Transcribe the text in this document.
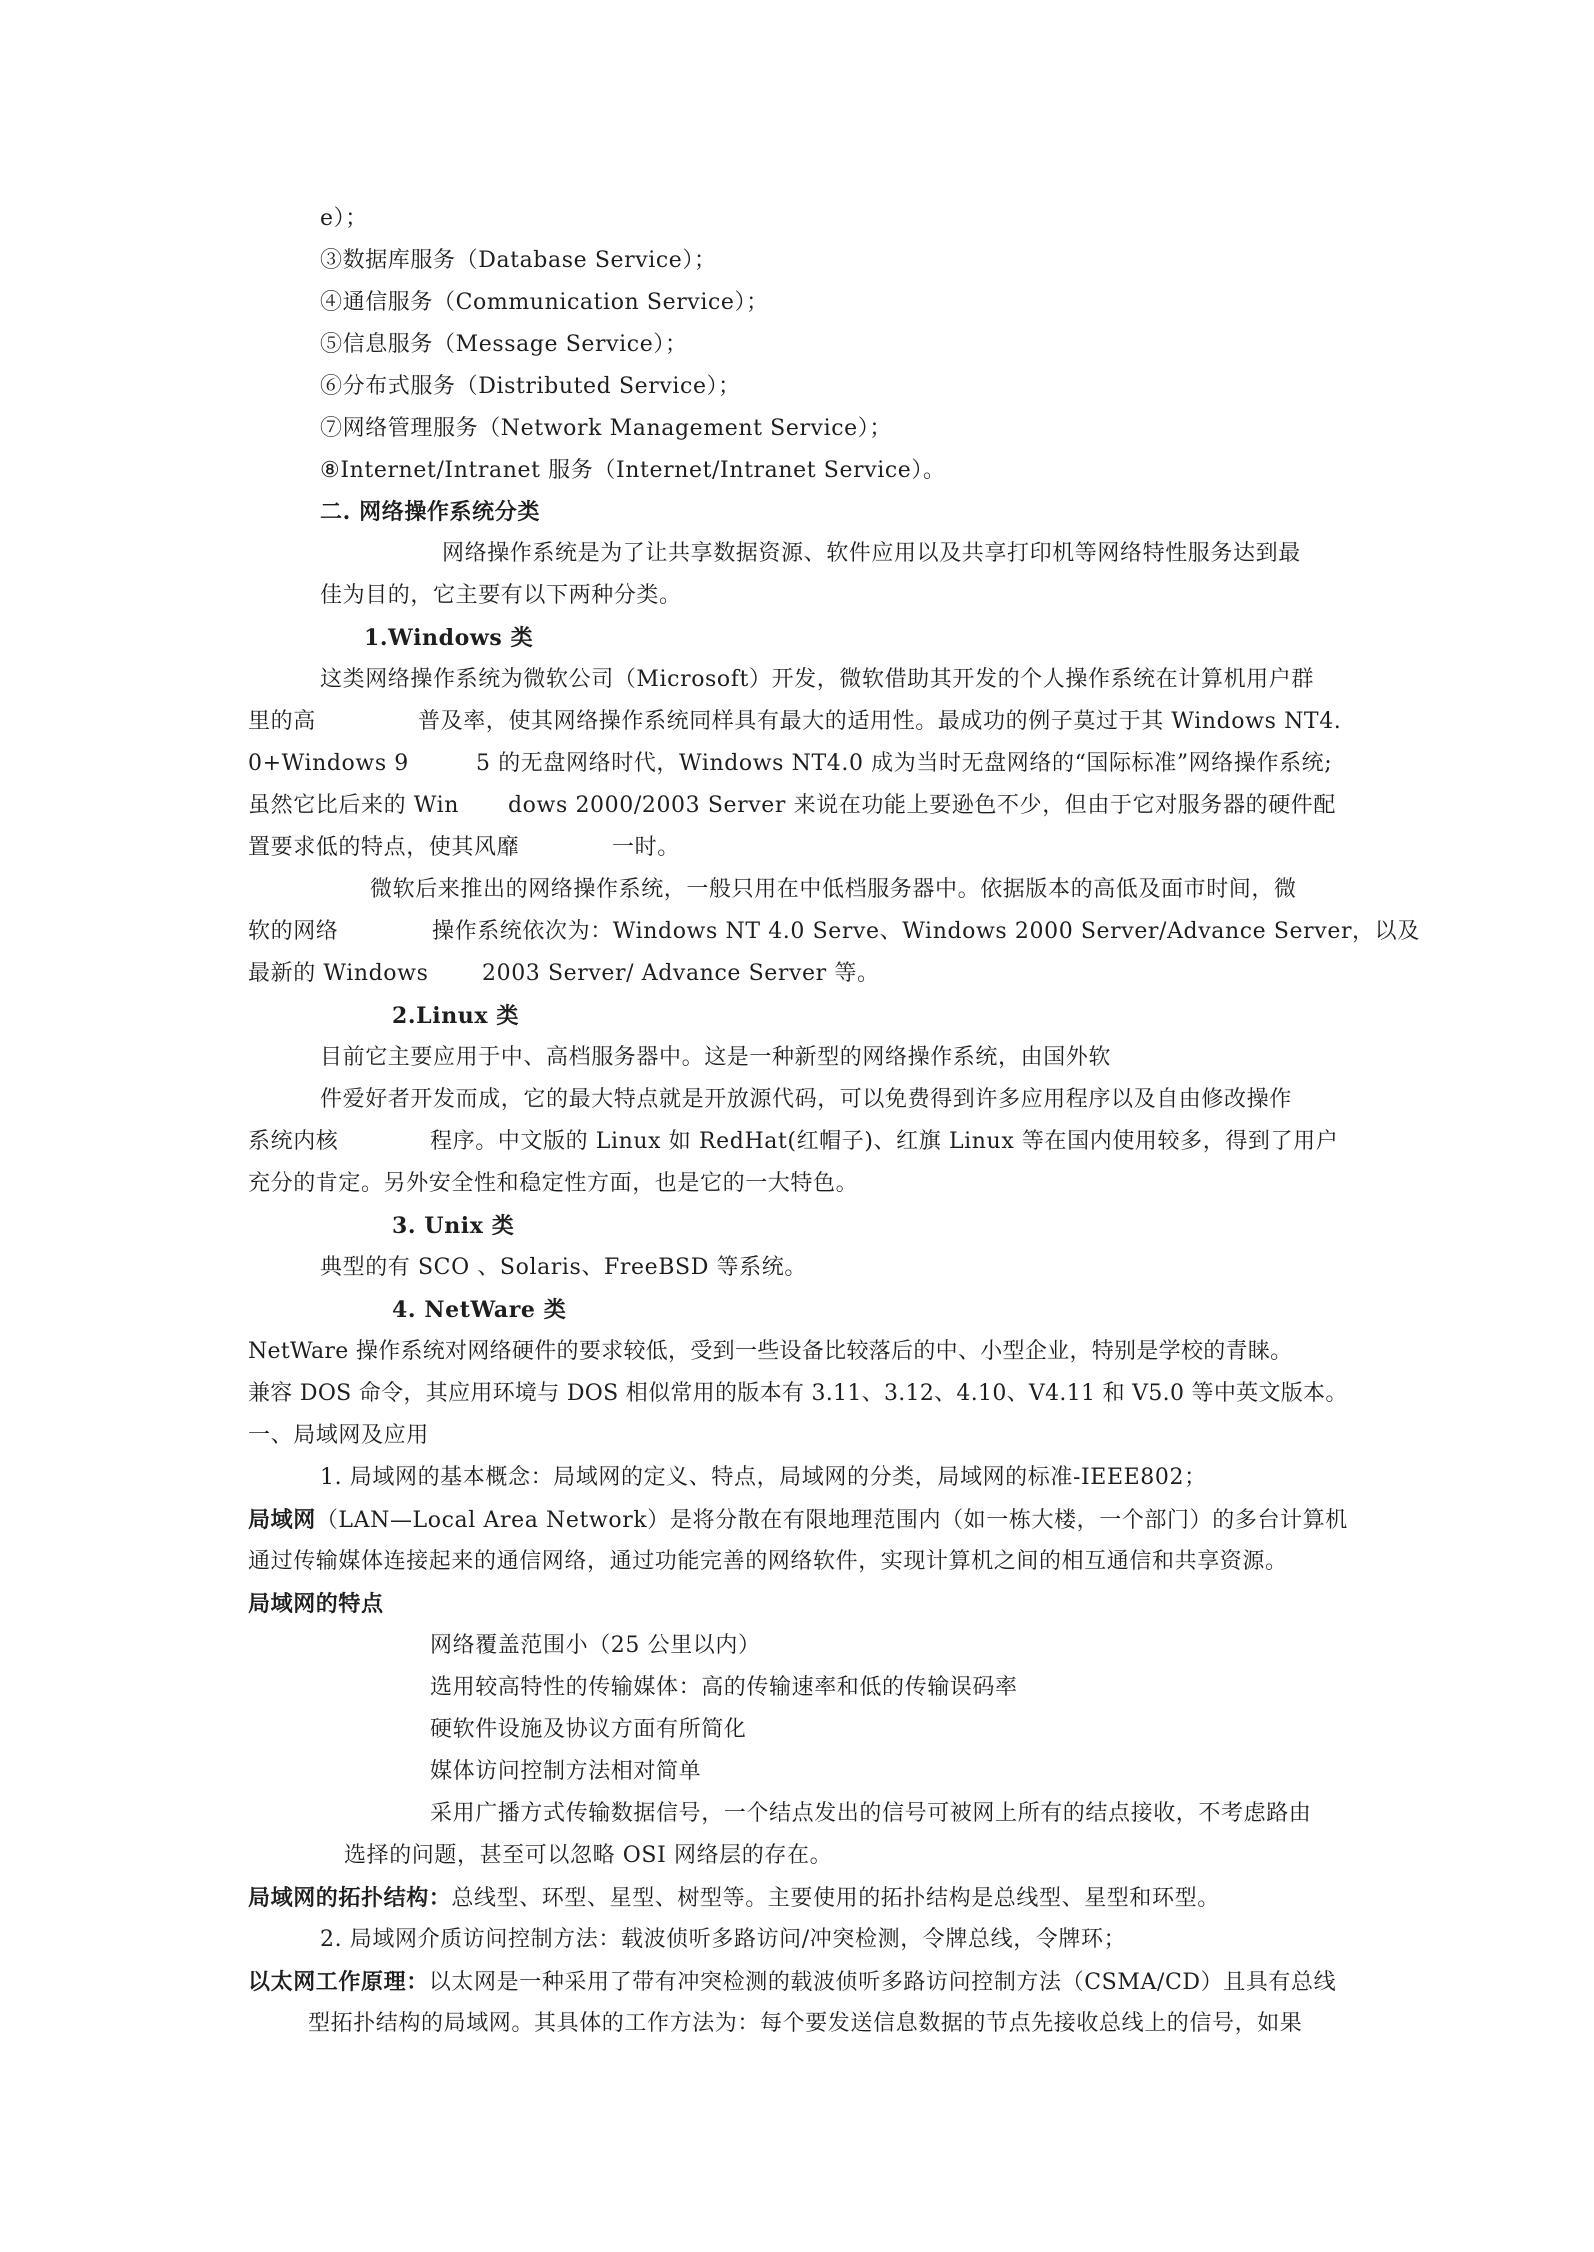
e）；
③数据库服务（Database Service）；
④通信服务（Communication Service）；
⑤信息服务（Message Service）；
⑥分布式服务（Distributed Service）；
⑦网络管理服务（Network Management Service）；
⑧Internet/Intranet 服务（Internet/Intranet Service）。
二. 网络操作系统分类
网络操作系统是为了让共享数据资源、软件应用以及共享打印机等网络特性服务达到最
佳为目的，它主要有以下两种分类。
1.Windows 类
这类网络操作系统为微软公司（Microsoft）开发，微软借助其开发的个人操作系统在计算机用户群
里的高	普及率，使其网络操作系统同样具有最大的适用性。最成功的例子莫过于其 Windows NT4.
0+Windows 9	5 的无盘网络时代，Windows NT4.0 成为当时无盘网络的“国际标准”网络操作系统;
虽然它比后来的 Win dows 2000/2003 Server 来说在功能上要逊色不少，但由于它对服务器的硬件配
置要求低的特点，使其风靡	一时。
微软后来推出的网络操作系统，一般只用在中低档服务器中。依据版本的高低及面市时间，微
软的网络	操作系统依次为：Windows NT 4.0 Serve、Windows 2000 Server/Advance Server，以及
最新的 Windows 2003 Server/ Advance Server 等。
2.Linux 类
目前它主要应用于中、高档服务器中。这是一种新型的网络操作系统，由国外软
件爱好者开发而成，它的最大特点就是开放源代码，可以免费得到许多应用程序以及自由修改操作
系统内核	程序。中文版的 Linux 如 RedHat(红帽子)、红旗 Linux 等在国内使用较多，得到了用户
充分的肯定。另外安全性和稳定性方面，也是它的一大特色。
3. Unix 类
典型的有 SCO 、Solaris、FreeBSD 等系统。
4. NetWare 类
NetWare 操作系统对网络硬件的要求较低，受到一些设备比较落后的中、小型企业，特别是学校的青睐。
兼容 DOS 命令，其应用环境与 DOS 相似常用的版本有 3.11、3.12、4.10、V4.11 和 V5.0 等中英文版本。
一、局域网及应用
1. 局域网的基本概念：局域网的定义、特点，局域网的分类，局域网的标准-IEEE802；
局域网（LAN—Local Area Network）是将分散在有限地理范围内（如一栋大楼，一个部门）的多台计算机
通过传输媒体连接起来的通信网络，通过功能完善的网络软件，实现计算机之间的相互通信和共享资源。
局域网的特点
网络覆盖范围小（25 公里以内）
选用较高特性的传输媒体：高的传输速率和低的传输误码率
硬软件设施及协议方面有所简化
媒体访问控制方法相对简单
采用广播方式传输数据信号，一个结点发出的信号可被网上所有的结点接收，不考虑路由
选择的问题，甚至可以忽略 OSI 网络层的存在。
局域网的拓扑结构：总线型、环型、星型、树型等。主要使用的拓扑结构是总线型、星型和环型。
2. 局域网介质访问控制方法：载波侦听多路访问/冲突检测，令牌总线，令牌环；
以太网工作原理：以太网是一种采用了带有冲突检测的载波侦听多路访问控制方法（CSMA/CD）且具有总线
型拓扑结构的局域网。其具体的工作方法为：每个要发送信息数据的节点先接收总线上的信号，如果
